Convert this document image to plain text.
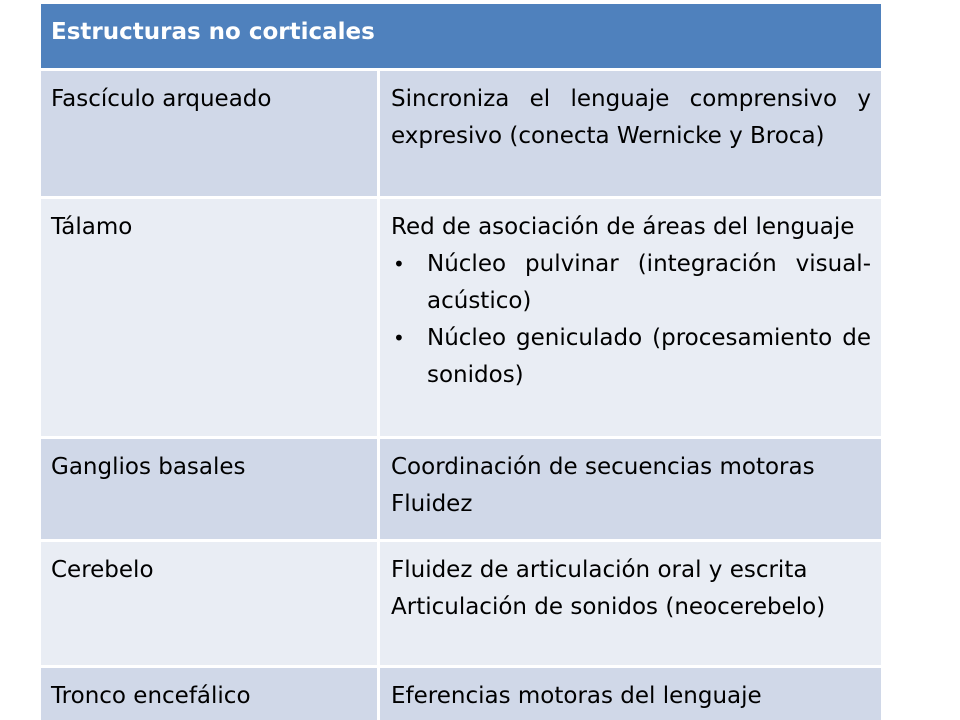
Estructuras no corticales
Fascículo arqueado	Sincroniza el lenguaje comprensivo y expresivo (conecta Wernicke y Broca)
Tálamo	Red de asociación de áreas del lenguaje
• Núcleo pulvinar (integración visual-acústico)
• Núcleo geniculado (procesamiento de sonidos)
Ganglios basales	Coordinación de secuencias motoras
Fluidez
Cerebelo	Fluidez de articulación oral y escrita
Articulación de sonidos (neocerebelo)
Tronco encefálico	Eferencias motoras del lenguaje
